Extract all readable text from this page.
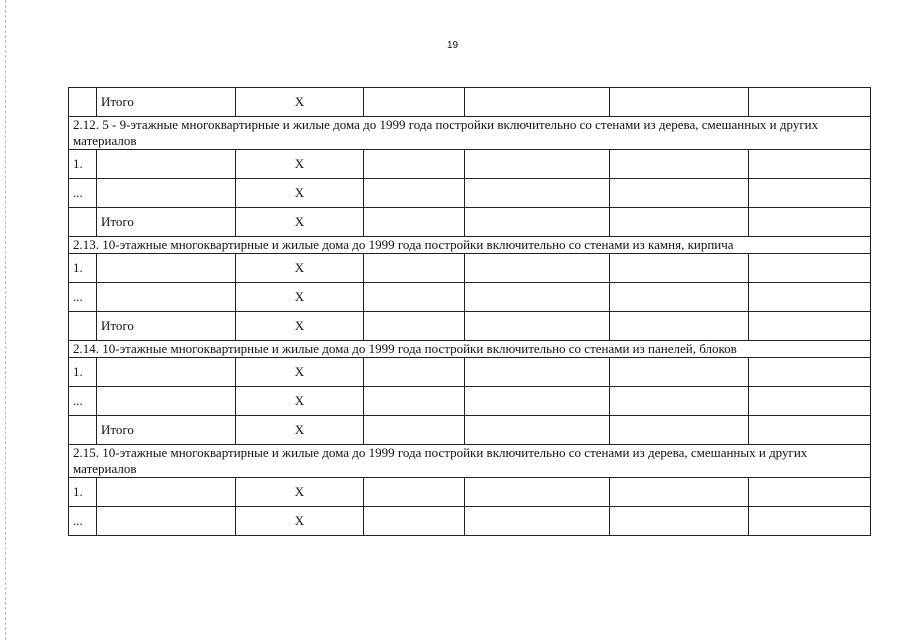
19
	Итого	X				
2.12. 5 - 9-этажные многоквартирные и жилые дома до 1999 года постройки включительно со стенами из дерева, смешанных и других материалов						
1.		X				
...		X				
	Итого	X				
2.13. 10-этажные многоквартирные и жилые дома до 1999 года постройки включительно со стенами из камня, кирпича						
1.		X				
...		X				
	Итого	X				
2.14. 10-этажные многоквартирные и жилые дома до 1999 года постройки включительно со стенами из панелей, блоков						
1.		X				
...		X				
	Итого	X				
2.15. 10-этажные многоквартирные и жилые дома до 1999 года постройки включительно со стенами из дерева, смешанных и других материалов						
1.		X				
...		X				
